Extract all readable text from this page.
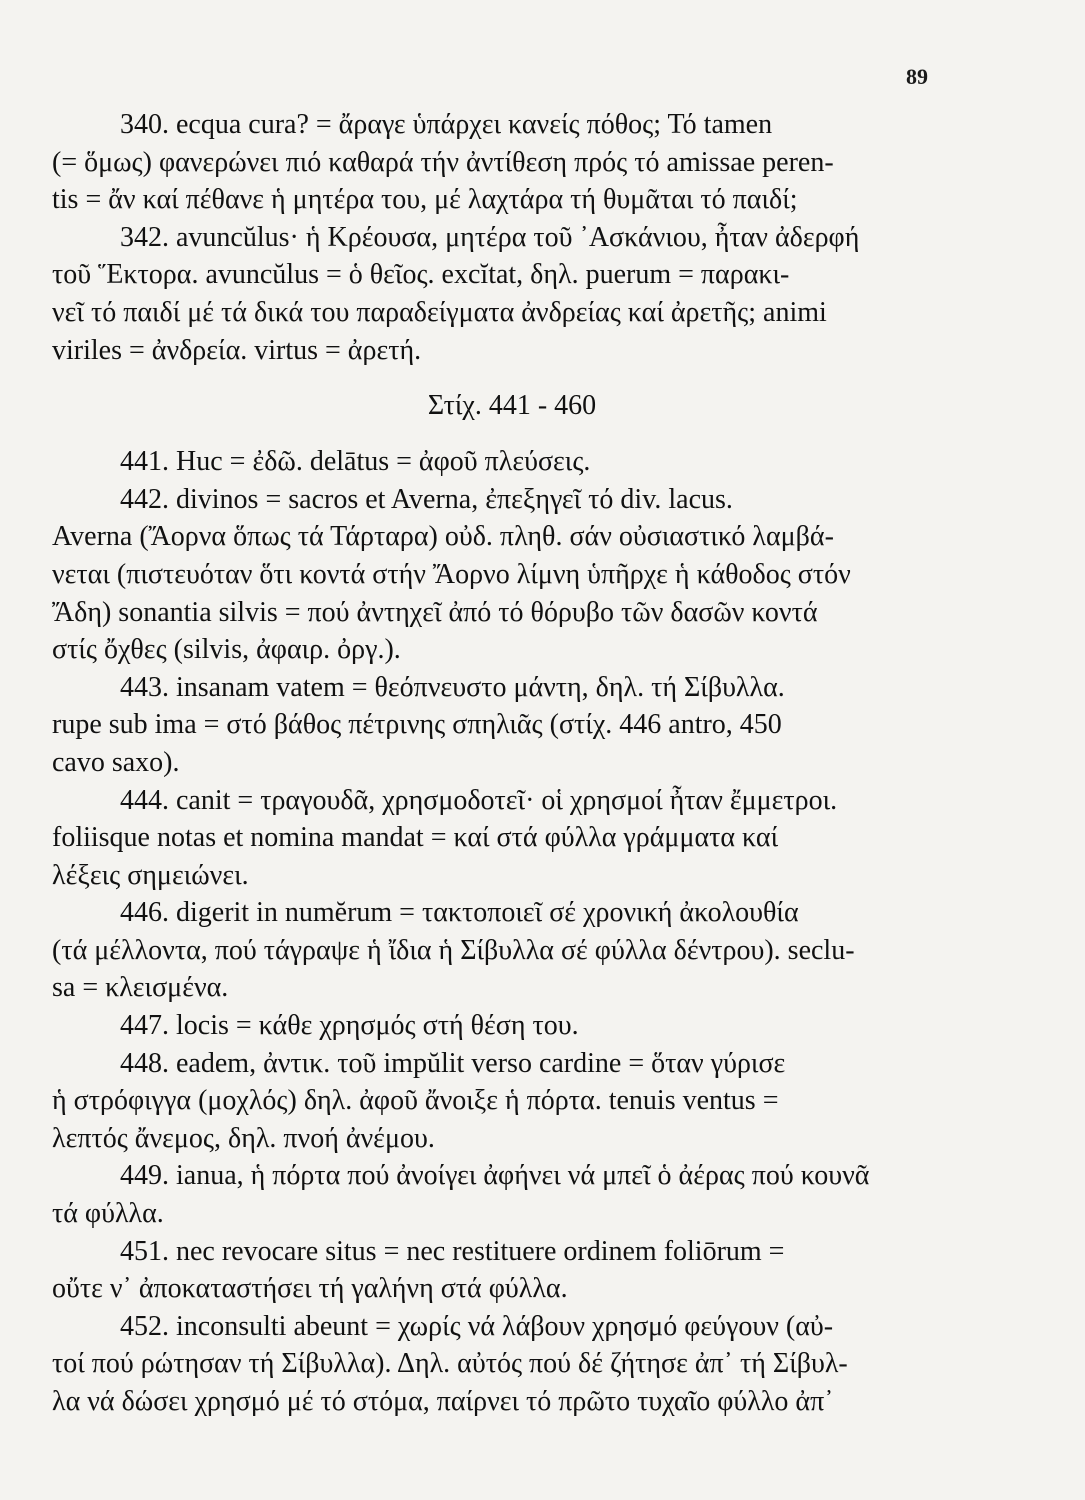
89
340. ecqua cura? = ἄραγε ὑπάρχει κανείς πόθος; Τό tamen
(= ὅμως) φανερώνει πιό καθαρά τήν ἀντίθεση πρός τό amissae peren-
tis = ἄν καί πέθανε ἡ μητέρα του, μέ λαχτάρα τή θυμᾶται τό παιδί;
342. avuncŭlus· ἡ Κρέουσα, μητέρα τοῦ ᾿Ασκάνιου, ἦταν ἀδερφή
τοῦ Ἕκτορα. avuncŭlus = ὁ θεῖος. excĭtat, δηλ. puerum = παρακι-
νεῖ τό παιδί μέ τά δικά του παραδείγματα ἀνδρείας καί ἀρετῆς; animi
viriles = ἀνδρεία. virtus = ἀρετή.
Στίχ. 441 - 460
441. Huc = ἐδῶ. delātus = ἀφοῦ πλεύσεις.
442. divinos = sacros et Averna, ἐπεξηγεῖ τό div. lacus.
Averna (Ἄορνα ὅπως τά Τάρταρα) οὐδ. πληθ. σάν οὐσιαστικό λαμβά-
νεται (πιστευόταν ὅτι κοντά στήν Ἄορνο λίμνη ὑπῆρχε ἡ κάθοδος στόν
Ἄδη) sonantia silvis = πού ἀντηχεῖ ἀπό τό θόρυβο τῶν δασῶν κοντά
στίς ὄχθες (silvis, ἀφαιρ. ὀργ.).
443. insanam vatem = θεόπνευστο μάντη, δηλ. τή Σίβυλλα.
rupe sub ima = στό βάθος πέτρινης σπηλιᾶς (στίχ. 446 antro, 450
cavo saxo).
444. canit = τραγουδᾶ, χρησμοδοτεῖ· οἱ χρησμοί ἦταν ἔμμετροι.
foliisque notas et nomina mandat = καί στά φύλλα γράμματα καί
λέξεις σημειώνει.
446. digerit in numĕrum = τακτοποιεῖ σέ χρονική ἀκολουθία
(τά μέλλοντα, πού τάγραψε ἡ ἴδια ἡ Σίβυλλα σέ φύλλα δέντρου). seclu-
sa = κλεισμένα.
447. locis = κάθε χρησμός στή θέση του.
448. eadem, ἀντικ. τοῦ impŭlit verso cardine = ὅταν γύρισε
ἡ στρόφιγγα (μοχλός) δηλ. ἀφοῦ ἄνοιξε ἡ πόρτα. tenuis ventus =
λεπτός ἄνεμος, δηλ. πνοή ἀνέμου.
449. ianua, ἡ πόρτα πού ἀνοίγει ἀφήνει νά μπεῖ ὁ ἀέρας πού κουνᾶ
τά φύλλα.
451. nec revocare situs = nec restituere ordinem foliōrum =
οὔτε ν᾿ ἀποκαταστήσει τή γαλήνη στά φύλλα.
452. inconsulti abeunt = χωρίς νά λάβουν χρησμό φεύγουν (αὐ-
τοί πού ρώτησαν τή Σίβυλλα). Δηλ. αὐτός πού δέ ζήτησε ἀπ᾿ τή Σίβυλ-
λα νά δώσει χρησμό μέ τό στόμα, παίρνει τό πρῶτο τυχαῖο φύλλο ἀπ᾿
